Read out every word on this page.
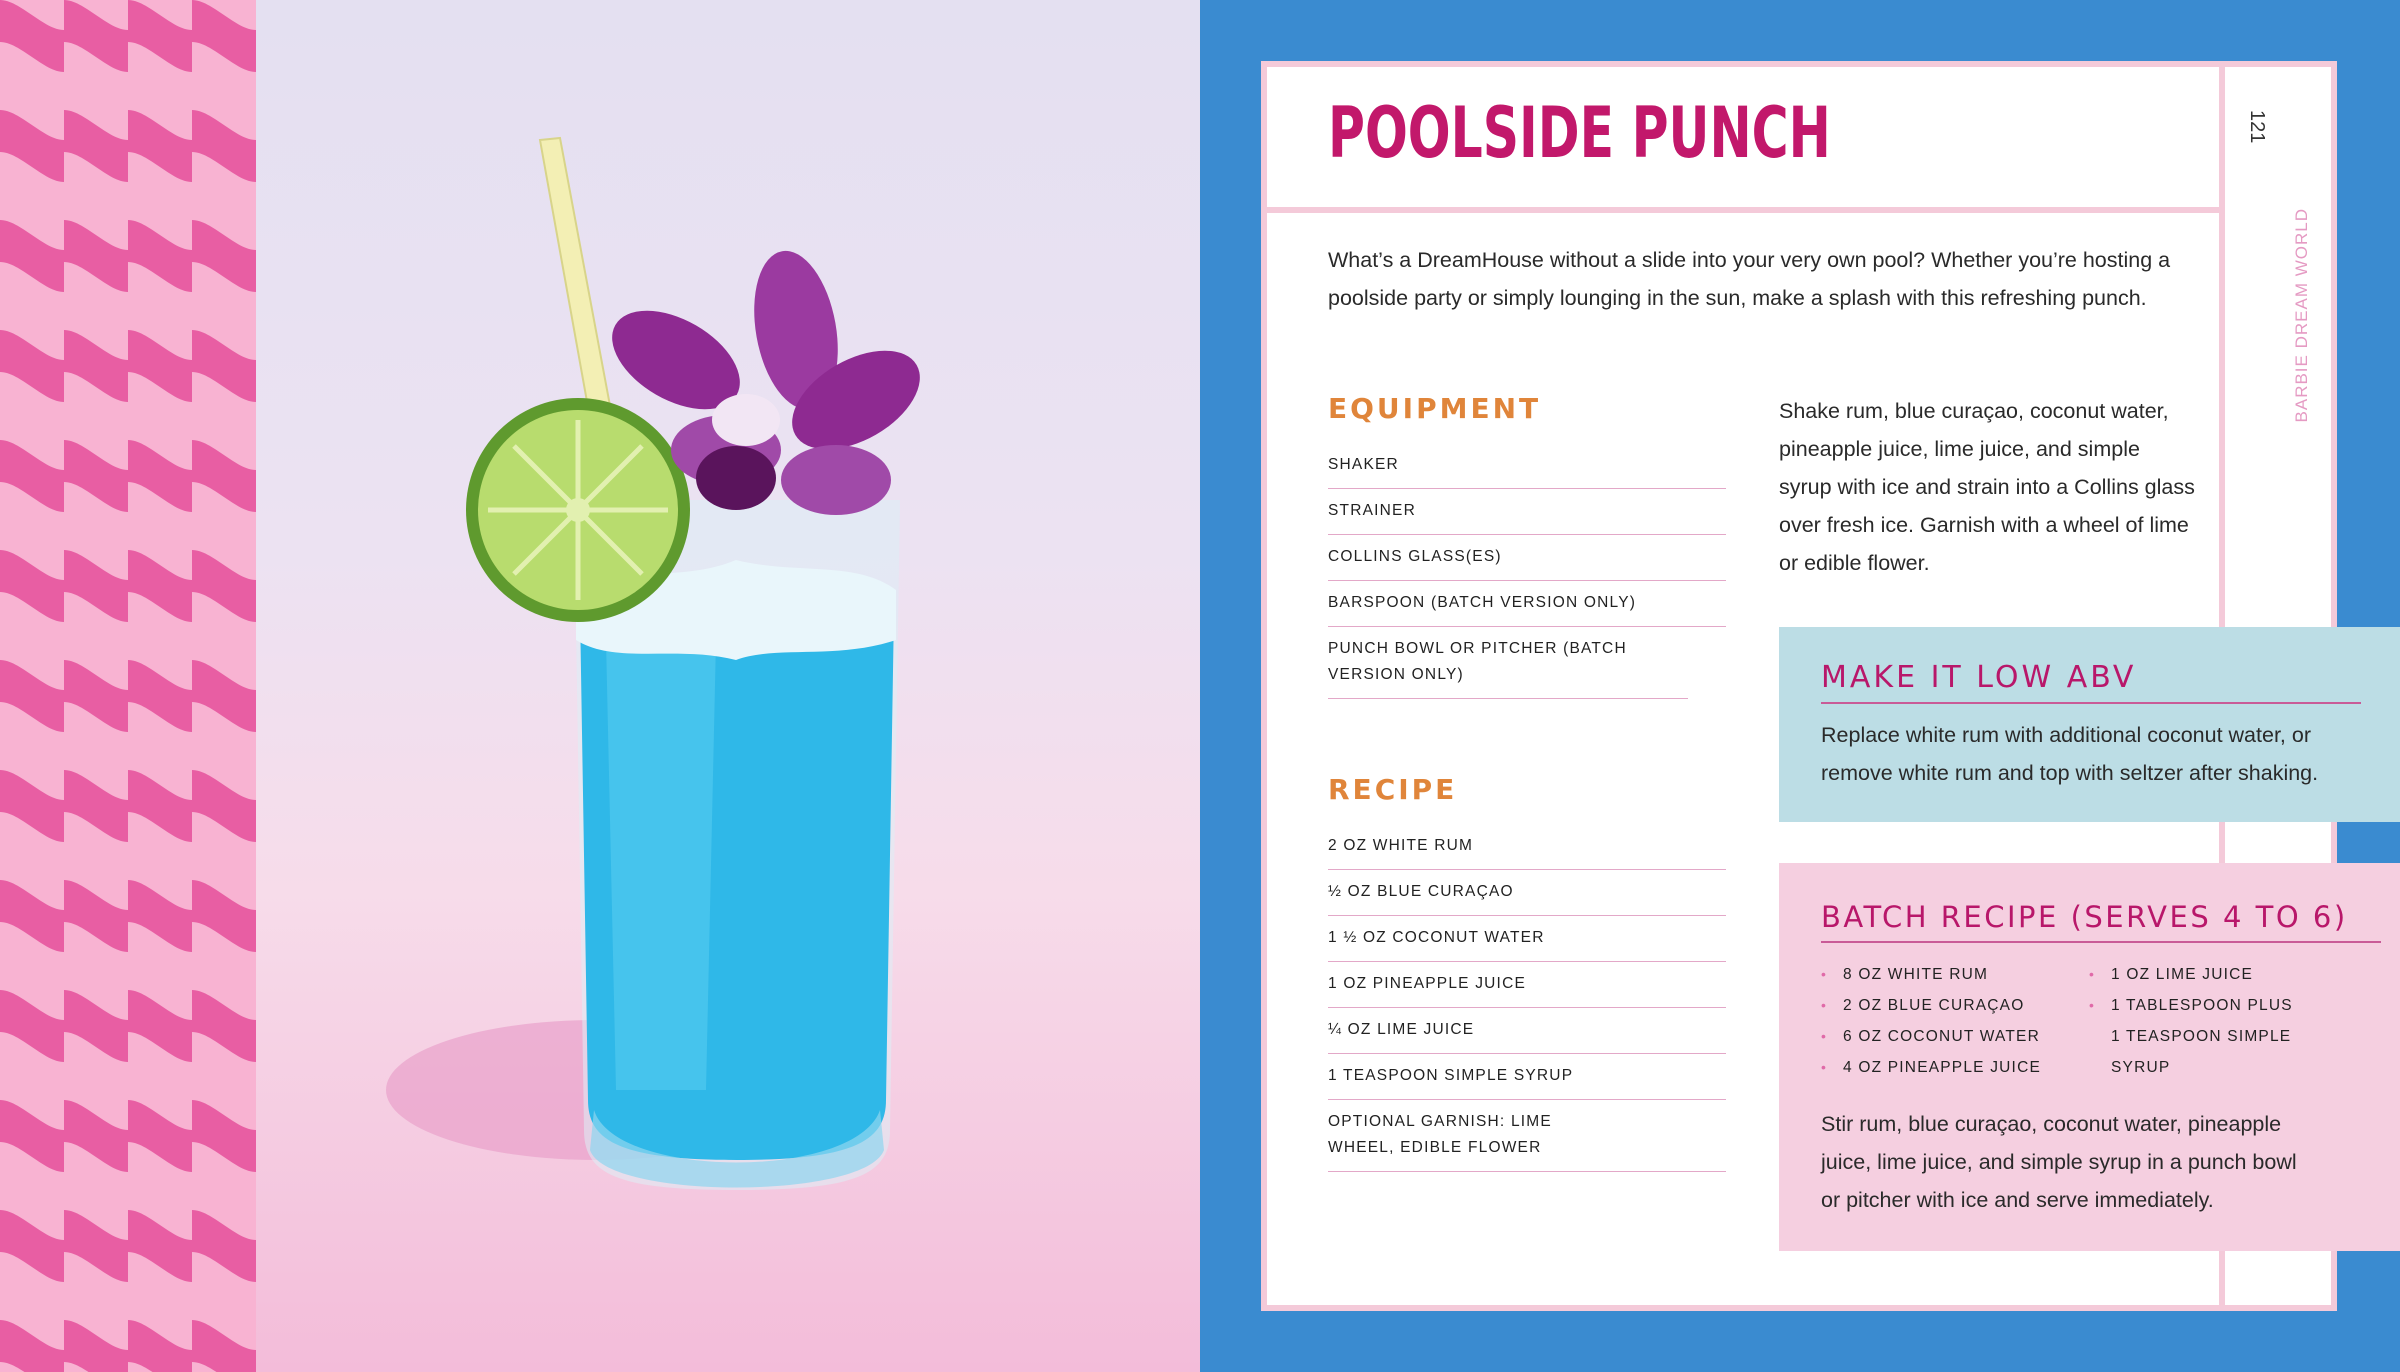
POOLSIDE PUNCH	121
BARBIE DREAM WORLD

What’s a DreamHouse without a slide into your very own pool? Whether you’re hosting a poolside party or simply lounging in the sun, make a splash with this refreshing punch.

EQUIPMENT
SHAKER
STRAINER
COLLINS GLASS(ES)
BARSPOON (BATCH VERSION ONLY)
PUNCH BOWL OR PITCHER (BATCH VERSION ONLY)
RECIPE
2 OZ WHITE RUM
½ OZ BLUE CURAÇAO
1 ½ OZ COCONUT WATER
1 OZ PINEAPPLE JUICE
¼ OZ LIME JUICE
1 TEASPOON SIMPLE SYRUP
OPTIONAL GARNISH: LIME WHEEL, EDIBLE FLOWER

Shake rum, blue curaçao, coconut water, pineapple juice, lime juice, and simple syrup with ice and strain into a Collins glass over fresh ice. Garnish with a wheel of lime or edible flower.

MAKE IT LOW ABV

Replace white rum with additional coconut water, or remove white rum and top with seltzer after shaking.

BATCH RECIPE (SERVES 4 TO 6)
• 8 OZ WHITE RUM
• 2 OZ BLUE CURAÇAO
• 6 OZ COCONUT WATER
• 4 OZ PINEAPPLE JUICE
• 1 OZ LIME JUICE
• 1 TABLESPOON PLUS
1 TEASPOON SIMPLE
SYRUP

Stir rum, blue curaçao, coconut water, pineapple juice, lime juice, and simple syrup in a punch bowl or pitcher with ice and serve immediately.
